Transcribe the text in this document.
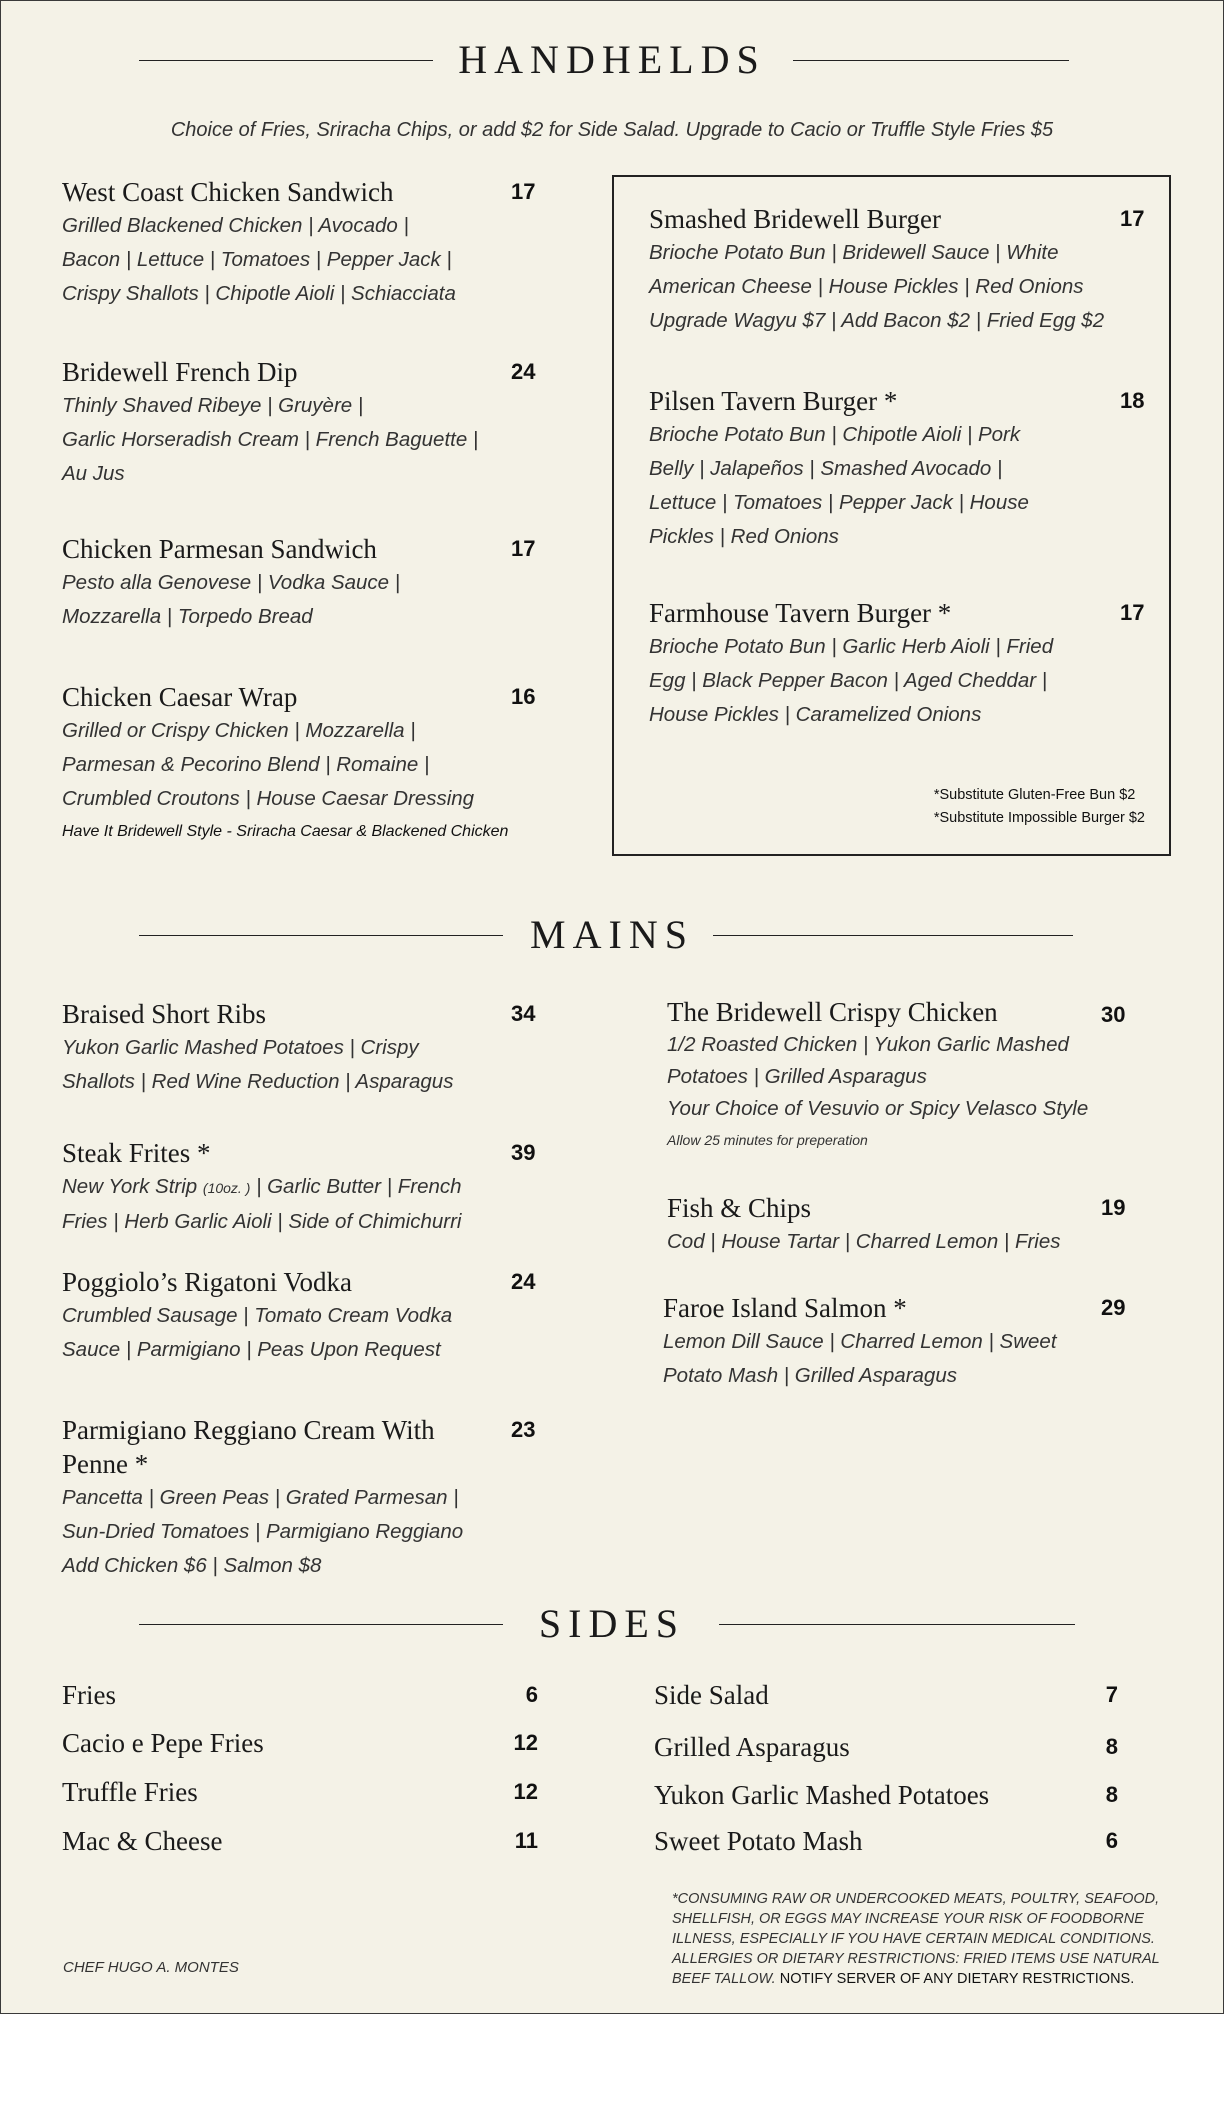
HANDHELDS
Choice of Fries, Sriracha Chips, or add $2 for Side Salad. Upgrade to Cacio or Truffle Style Fries $5
West Coast Chicken Sandwich	17
Grilled Blackened Chicken | Avocado |
Bacon | Lettuce | Tomatoes | Pepper Jack |
Crispy Shallots | Chipotle Aioli | Schiacciata
Bridewell French Dip	24
Thinly Shaved Ribeye | Gruyère |
Garlic Horseradish Cream | French Baguette |
Au Jus
Chicken Parmesan Sandwich	17
Pesto alla Genovese | Vodka Sauce |
Mozzarella | Torpedo Bread
Chicken Caesar Wrap	16
Grilled or Crispy Chicken | Mozzarella |
Parmesan & Pecorino Blend | Romaine |
Crumbled Croutons | House Caesar Dressing
Have It Bridewell Style - Sriracha Caesar & Blackened Chicken
Smashed Bridewell Burger	17
Brioche Potato Bun | Bridewell Sauce | White
American Cheese | House Pickles | Red Onions
Upgrade Wagyu $7 | Add Bacon $2 | Fried Egg $2
Pilsen Tavern Burger *	18
Brioche Potato Bun | Chipotle Aioli | Pork
Belly | Jalapeños | Smashed Avocado |
Lettuce | Tomatoes | Pepper Jack | House
Pickles | Red Onions
Farmhouse Tavern Burger *	17
Brioche Potato Bun | Garlic Herb Aioli | Fried
Egg | Black Pepper Bacon | Aged Cheddar |
House Pickles | Caramelized Onions
*Substitute Gluten-Free Bun $2
*Substitute Impossible Burger $2
MAINS
Braised Short Ribs	34
Yukon Garlic Mashed Potatoes | Crispy
Shallots | Red Wine Reduction | Asparagus
Steak Frites *	39
New York Strip (10oz. ) | Garlic Butter | French
Fries | Herb Garlic Aioli | Side of Chimichurri
Poggiolo’s Rigatoni Vodka	24
Crumbled Sausage | Tomato Cream Vodka
Sauce | Parmigiano | Peas Upon Request
Parmigiano Reggiano Cream With
Penne *
23
Pancetta | Green Peas | Grated Parmesan |
Sun-Dried Tomatoes | Parmigiano Reggiano
Add Chicken $6 | Salmon $8
The Bridewell Crispy Chicken	30
1/2 Roasted Chicken | Yukon Garlic Mashed
Potatoes | Grilled Asparagus
Your Choice of Vesuvio or Spicy Velasco Style
Allow 25 minutes for preperation
Fish & Chips	19
Cod | House Tartar | Charred Lemon | Fries
Faroe Island Salmon *	29
Lemon Dill Sauce | Charred Lemon | Sweet
Potato Mash | Grilled Asparagus
SIDES
Fries	6
Cacio e Pepe Fries	12
Truffle Fries	12
Mac & Cheese	11
Side Salad	7
Grilled Asparagus	8
Yukon Garlic Mashed Potatoes	8
Sweet Potato Mash	6
CHEF HUGO A. MONTES
*CONSUMING RAW OR UNDERCOOKED MEATS, POULTRY, SEAFOOD,
SHELLFISH, OR EGGS MAY INCREASE YOUR RISK OF FOODBORNE
ILLNESS, ESPECIALLY IF YOU HAVE CERTAIN MEDICAL CONDITIONS.
ALLERGIES OR DIETARY RESTRICTIONS: FRIED ITEMS USE NATURAL
BEEF TALLOW. NOTIFY SERVER OF ANY DIETARY RESTRICTIONS.
